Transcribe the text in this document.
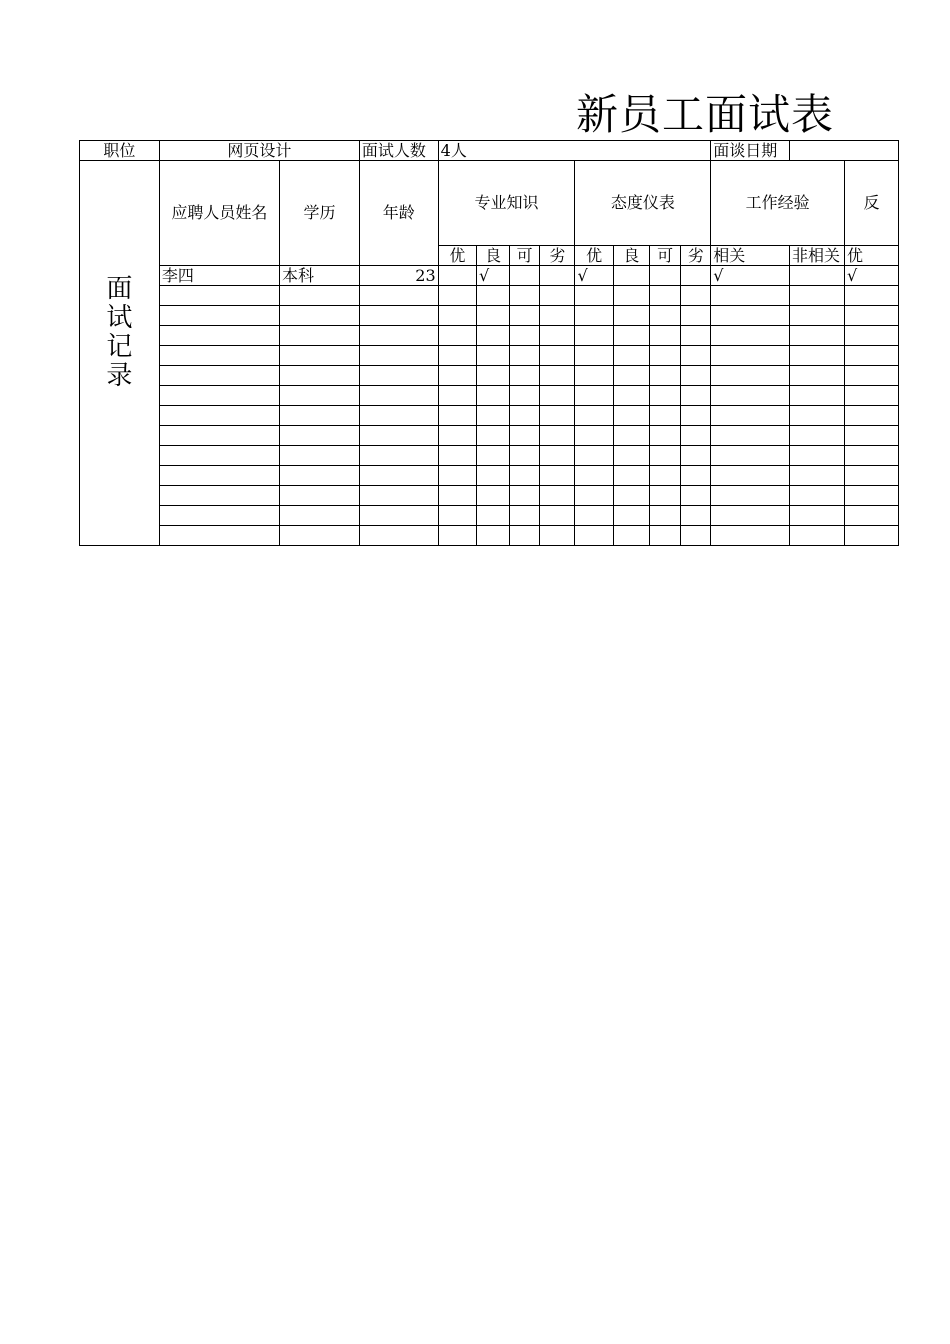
新员工面试表
职位	网页设计		面试人数	4人								面谈日期		
面试记录	应聘人员姓名	学历	年龄	专业知识				态度仪表				工作经验		反
				优	良	可	劣	优	良	可	劣	相关	非相关	优
	李四	本科	23		√			√				√		√
